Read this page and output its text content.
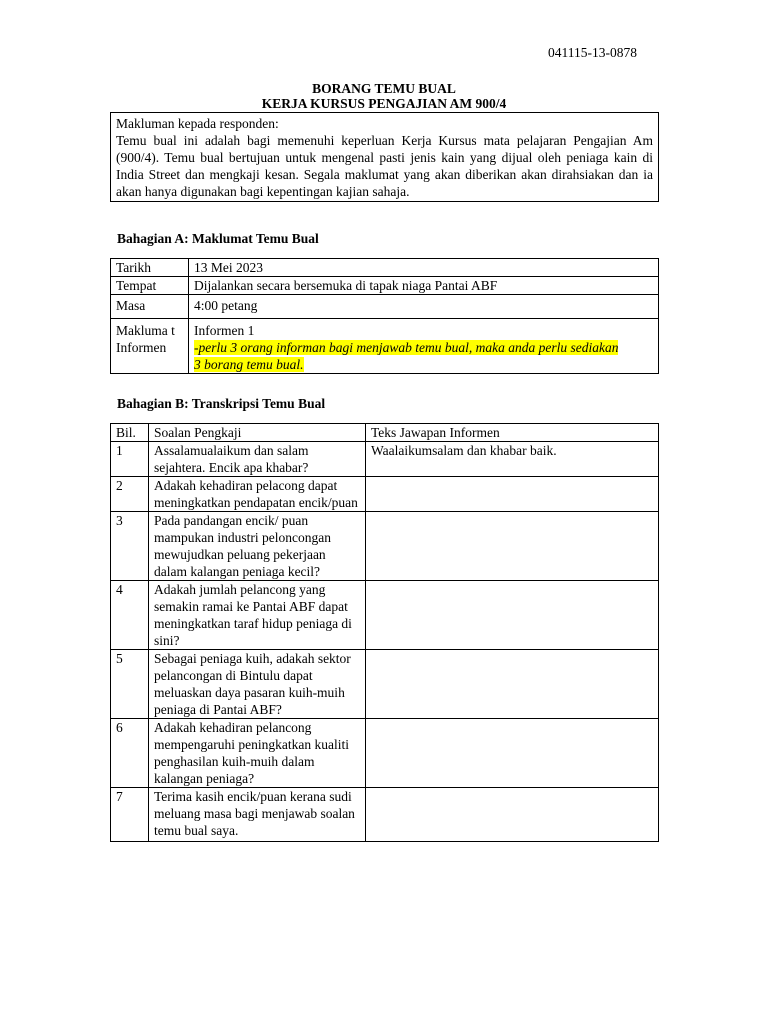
041115-13-0878
BORANG TEMU BUAL
KERJA KURSUS PENGAJIAN AM 900/4

Makluman kepada responden:

Temu bual ini adalah bagi memenuhi keperluan Kerja Kursus mata pelajaran Pengajian Am (900/4). Temu bual bertujuan untuk mengenal pasti jenis kain yang dijual oleh peniaga kain di India Street dan mengkaji kesan. Segala maklumat yang akan diberikan akan dirahsiakan dan ia akan hanya digunakan bagi kepentingan kajian sahaja.

Bahagian A: Maklumat Temu Bual
Tarikh	13 Mei 2023
Tempat	Dijalankan secara bersemuka di tapak niaga Pantai ABF
Masa	4:00 petang
Makluma t Informen	Informen 1
-perlu 3 orang informan bagi menjawab temu bual, maka anda perlu sediakan 3 borang temu bual.
Bahagian B: Transkripsi Temu Bual
Bil.	Soalan Pengkaji	Teks Jawapan Informen
1	Assalamualaikum dan salam sejahtera. Encik apa khabar?	Waalaikumsalam dan khabar baik.
2	Adakah kehadiran pelacong dapat meningkatkan pendapatan encik/puan	
3	Pada pandangan encik/ puan mampukan industri peloncongan mewujudkan peluang pekerjaan dalam kalangan peniaga kecil?	
4	Adakah jumlah pelancong yang semakin ramai ke Pantai ABF dapat meningkatkan taraf hidup peniaga di sini?	
5	Sebagai peniaga kuih, adakah sektor pelancongan di Bintulu dapat meluaskan daya pasaran kuih-muih peniaga di Pantai ABF?	
6	Adakah kehadiran pelancong mempengaruhi peningkatkan kualiti penghasilan kuih-muih dalam kalangan peniaga?	
7	Terima kasih encik/puan kerana sudi meluang masa bagi menjawab soalan temu bual saya.	
